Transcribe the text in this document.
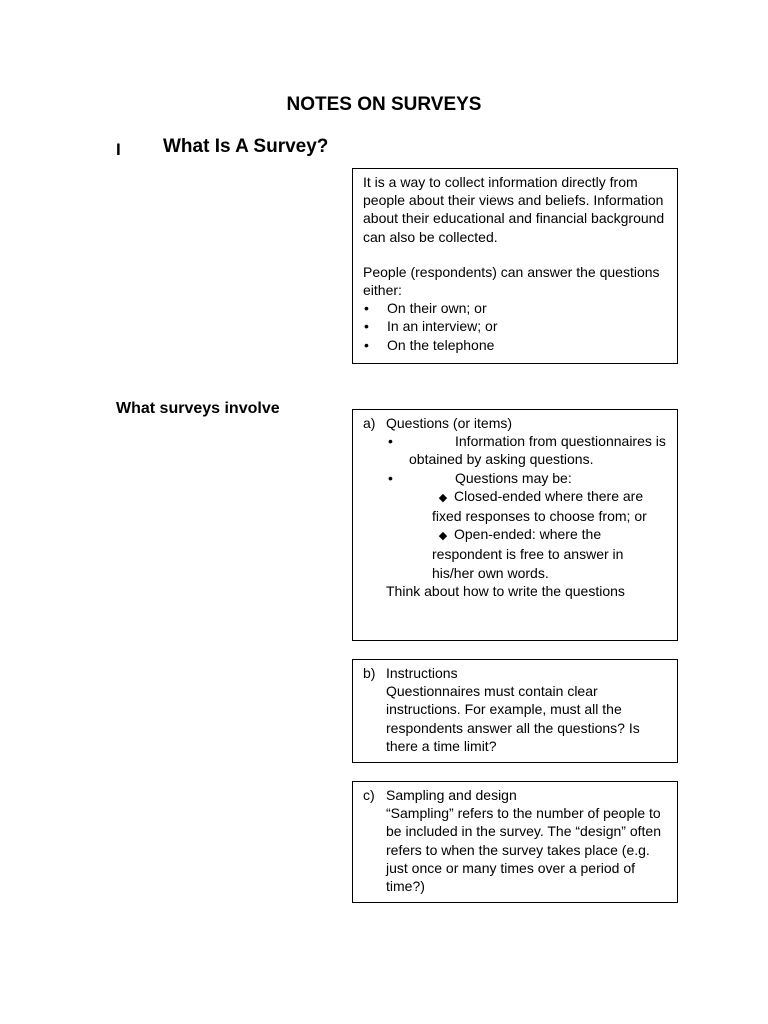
NOTES ON SURVEYS
I What Is A Survey?

It is a way to collect information directly from people about their views and beliefs. Information about their educational and financial background can also be collected.

People (respondents) can answer the questions either:

• On their own; or
• In an interview; or
• On the telephone
What surveys involve
a) Questions (or items)
•	Information from questionnaires is obtained by asking questions.
•	Questions may be:
◆ Closed-ended where there are fixed responses to choose from; or
◆ Open-ended: where the respondent is free to answer in his/her own words.
Think about how to write the questions
b) Instructions
Questionnaires must contain clear instructions. For example, must all the respondents answer all the questions? Is there a time limit?
c) Sampling and design
“Sampling” refers to the number of people to be included in the survey. The “design” often refers to when the survey takes place (e.g. just once or many times over a period of time?)
